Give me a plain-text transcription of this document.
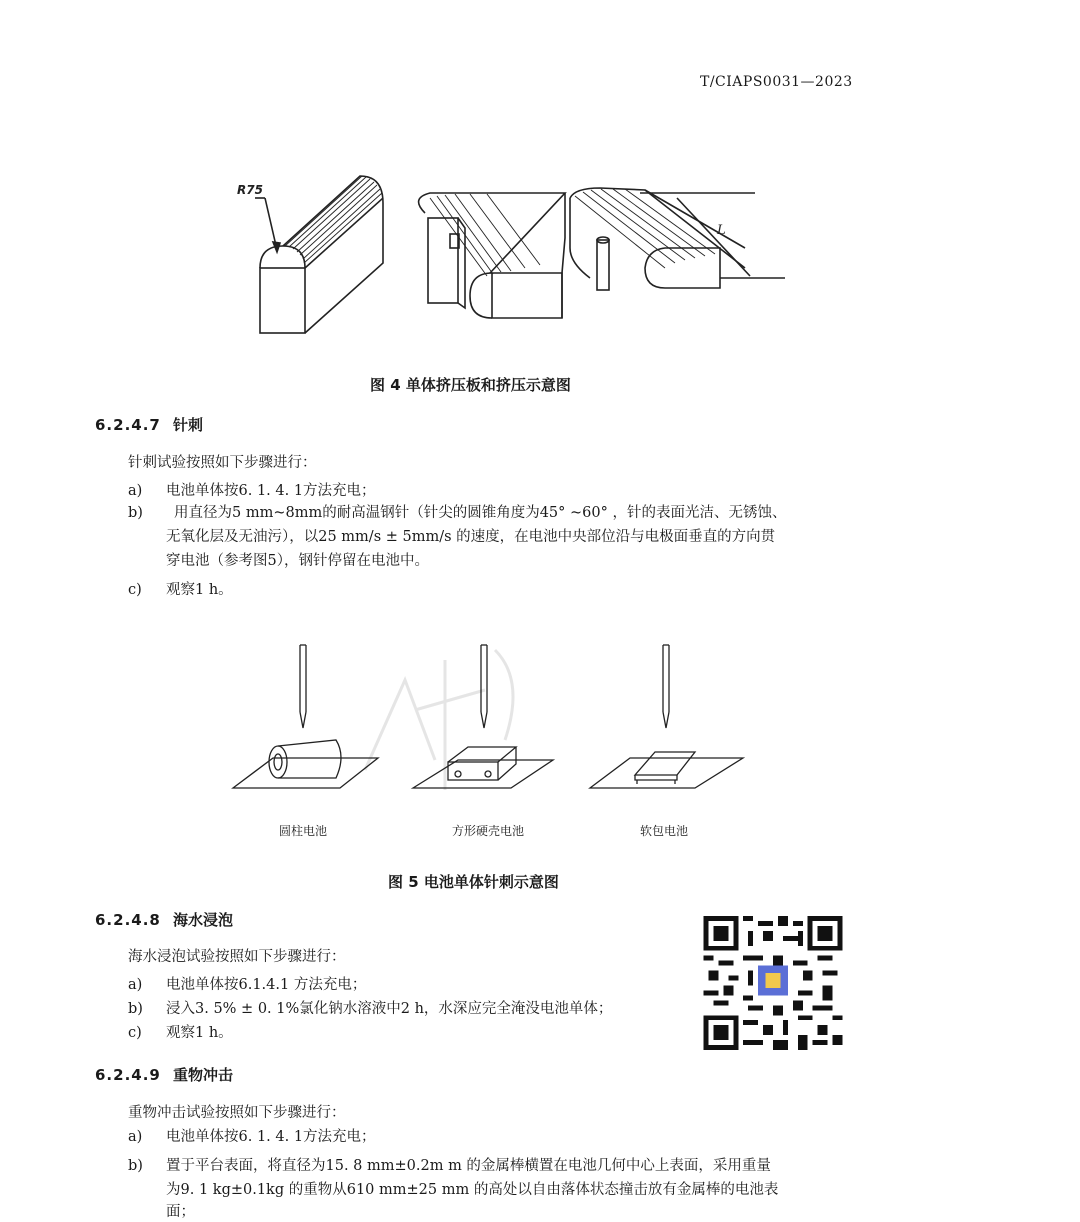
T/CIAPS0031—2023
R75
L
图 4 单体挤压板和挤压示意图
6.2.4.7 针刺
针刺试验按照如下步骤进行：
a) 电池单体按6. 1. 4. 1方法充电；
b) 用直径为5 mm~8mm的耐高温钢针（针尖的圆锥角度为45° ~60° ，针的表面光洁、无锈蚀、
无氧化层及无油污），以25 mm/s ± 5mm/s 的速度，在电池中央部位沿与电极面垂直的方向贯
穿电池（参考图5），钢针停留在电池中。
c) 观察1 h。
圆柱电池	方形硬壳电池	软包电池
图 5 电池单体针刺示意图
6.2.4.8 海水浸泡
海水浸泡试验按照如下步骤进行：
a) 电池单体按6.1.4.1 方法充电；
b) 浸入3. 5% ± 0. 1%氯化钠水溶液中2 h，水深应完全淹没电池单体；
c) 观察1 h。
6.2.4.9 重物冲击
重物冲击试验按照如下步骤进行：
a) 电池单体按6. 1. 4. 1方法充电；
b) 置于平台表面，将直径为15. 8 mm±0.2m m 的金属棒横置在电池几何中心上表面，采用重量
为9. 1 kg±0.1kg 的重物从610 mm±25 mm 的高处以自由落体状态撞击放有金属棒的电池表
面；
